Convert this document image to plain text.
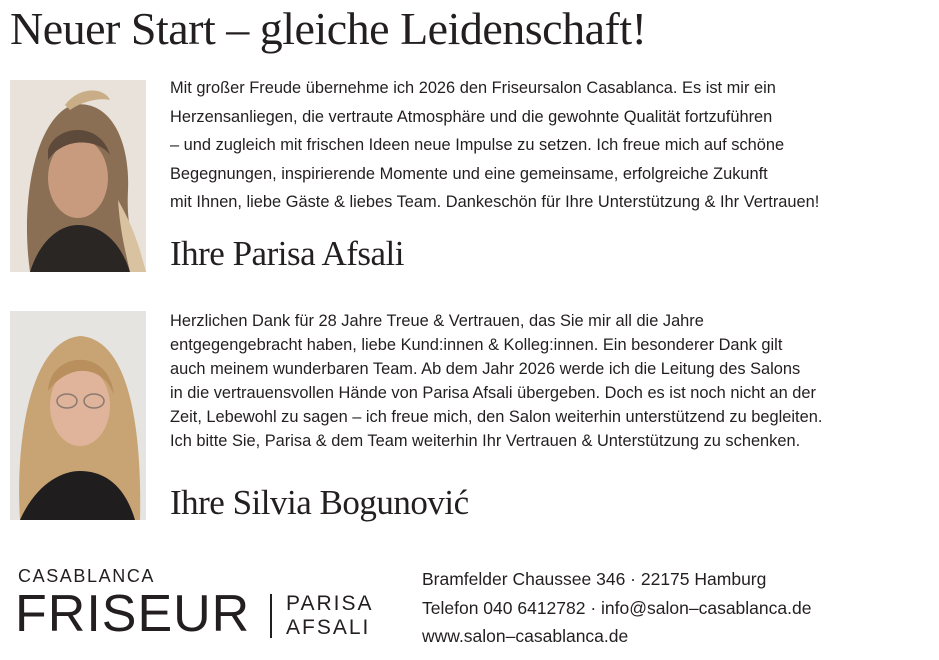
Neuer Start – gleiche Leidenschaft!
Mit großer Freude übernehme ich 2026 den Friseursalon Casablanca. Es ist mir ein
Herzensanliegen, die vertraute Atmosphäre und die gewohnte Qualität fortzuführen
– und zugleich mit frischen Ideen neue Impulse zu setzen. Ich freue mich auf schöne
Begegnungen, inspirierende Momente und eine gemeinsame, erfolgreiche Zukunft
mit Ihnen, liebe Gäste & liebes Team. Dankeschön für Ihre Unterstützung & Ihr Vertrauen!
Ihre Parisa Afsali
Herzlichen Dank für 28 Jahre Treue & Vertrauen, das Sie mir all die Jahre
entgegengebracht haben, liebe Kund:innen & Kolleg:innen. Ein besonderer Dank gilt
auch meinem wunderbaren Team. Ab dem Jahr 2026 werde ich die Leitung des Salons
in die vertrauensvollen Hände von Parisa Afsali übergeben. Doch es ist noch nicht an der
Zeit, Lebewohl zu sagen – ich freue mich, den Salon weiterhin unterstützend zu begleiten.
Ich bitte Sie, Parisa & dem Team weiterhin Ihr Vertrauen & Unterstützung zu schenken.
Ihre Silvia Bogunović
CASABLANCA
FRISEUR PARISA
AFSALI
Bramfelder Chaussee 346 · 22175 Hamburg
Telefon 040 6412782 · info@salon–casablanca.de
www.salon–casablanca.de
